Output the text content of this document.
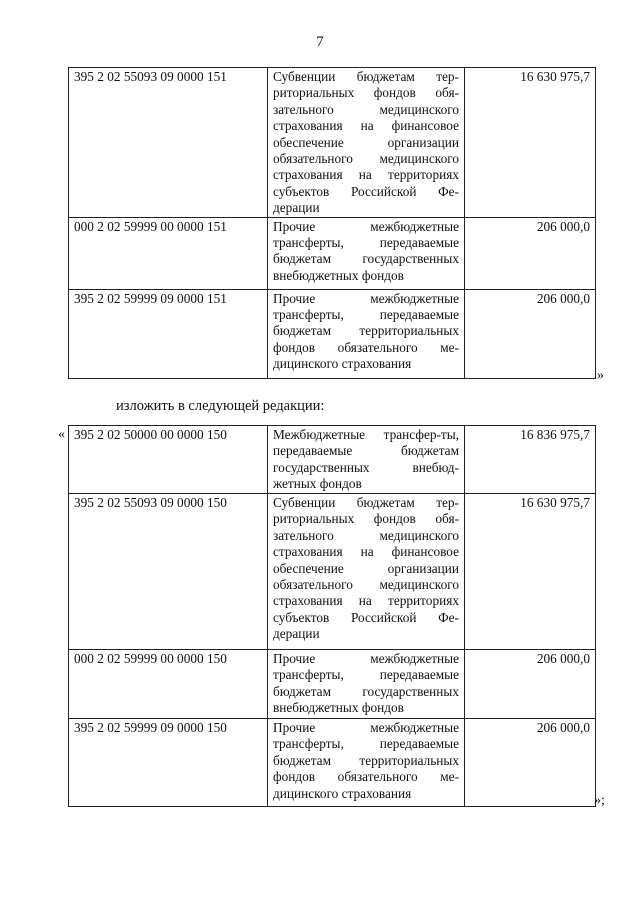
7
395 2 02 55093 09 0000 151	Субвенции бюджетам тер-риториальных фондов обя-зательного медицинского страхования на финансовое обеспечение организации обязательного медицинского страхования на территориях субъектов Российской Фе-дерации	16 630 975,7
000 2 02 59999 00 0000 151	Прочие межбюджетные трансферты, передаваемые бюджетам государственных внебюджетных фондов	206 000,0
395 2 02 59999 09 0000 151	Прочие межбюджетные трансферты, передаваемые бюджетам территориальных фондов обязательного ме-дицинского страхования	206 000,0
»
изложить в следующей редакции:
« 395 2 02 50000 00 0000 150	Межбюджетные трансфер-ты, передаваемые бюджетам государственных внебюд-жетных фондов	16 836 975,7
395 2 02 55093 09 0000 150	Субвенции бюджетам тер-риториальных фондов обя-зательного медицинского страхования на финансовое обеспечение организации обязательного медицинского страхования на территориях субъектов Российской Фе-дерации	16 630 975,7
000 2 02 59999 00 0000 150	Прочие межбюджетные трансферты, передаваемые бюджетам государственных внебюджетных фондов	206 000,0
395 2 02 59999 09 0000 150	Прочие межбюджетные трансферты, передаваемые бюджетам территориальных фондов обязательного ме-дицинского страхования	206 000,0
»;
